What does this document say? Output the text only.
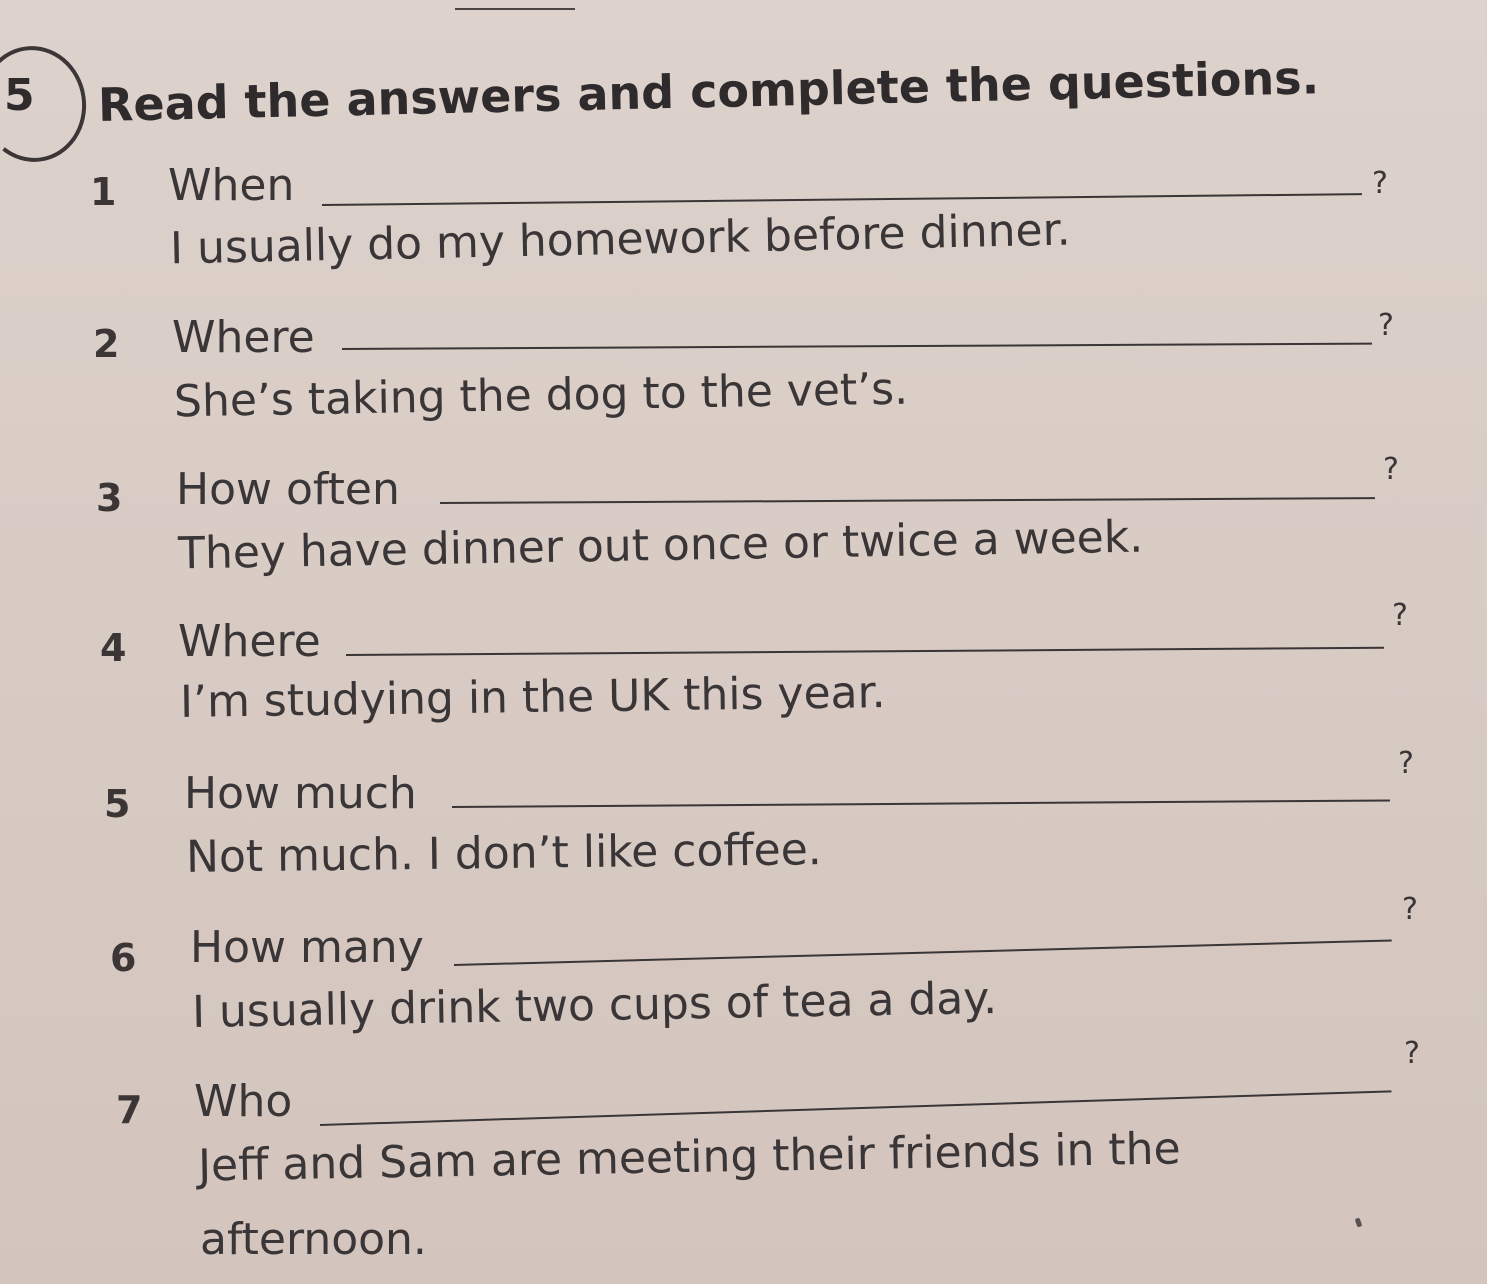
5 Read the answers and complete the questions.
1 When	?
I usually do my homework before dinner.
2 Where	?
She’s taking the dog to the vet’s.
3 How often	?
They have dinner out once or twice a week.
4 Where
?
I’m studying in the UK this year.
5 How much
?
Not much. I don’t like coffee.
6 How many
?
I usually drink two cups of tea a day.
7 Who
?
Jeff and Sam are meeting their friends in the
afternoon.
